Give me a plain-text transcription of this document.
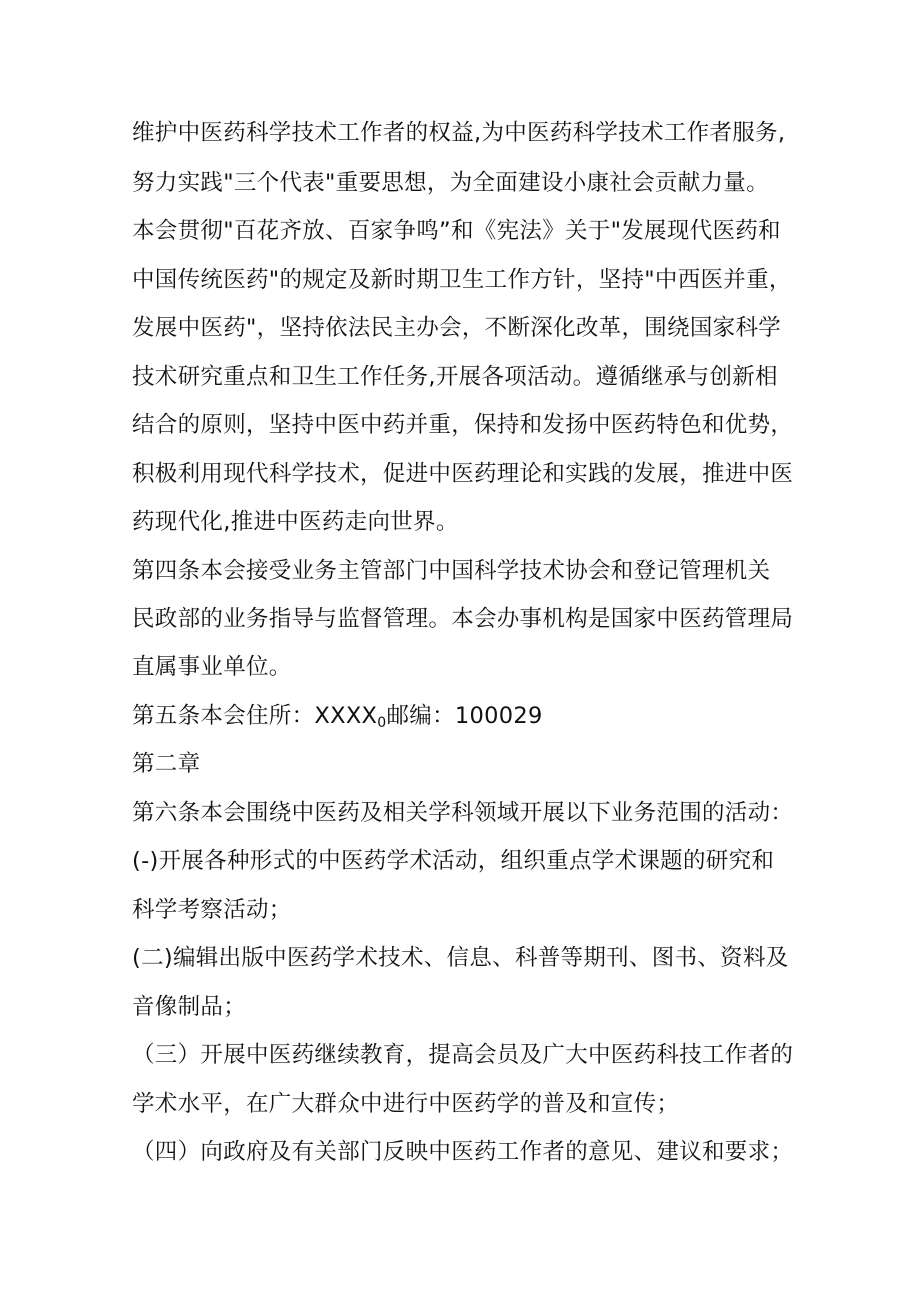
维护中医药科学技术工作者的权益,为中医药科学技术工作者服务,
努力实践"三个代表"重要思想，为全面建设小康社会贡献力量。
本会贯彻"百花齐放、百家争鸣”和《宪法》关于"发展现代医药和
中国传统医药"的规定及新时期卫生工作方针，坚持"中西医并重，
发展中医药"，坚持依法民主办会，不断深化改革，围绕国家科学
技术研究重点和卫生工作任务,开展各项活动。遵循继承与创新相
结合的原则，坚持中医中药并重，保持和发扬中医药特色和优势，
积极利用现代科学技术，促进中医药理论和实践的发展，推进中医
药现代化,推进中医药走向世界。
第四条本会接受业务主管部门中国科学技术协会和登记管理机关
民政部的业务指导与监督管理。本会办事机构是国家中医药管理局
直属事业单位。
第五条本会住所：$XXXX_0$邮编：100029
第二章
第六条本会围绕中医药及相关学科领域开展以下业务范围的活动：
(-)开展各种形式的中医药学术活动，组织重点学术课题的研究和
科学考察活动；
(二)编辑出版中医药学术技术、信息、科普等期刊、图书、资料及
音像制品；
（三）开展中医药继续教育，提高会员及广大中医药科技工作者的
学术水平，在广大群众中进行中医药学的普及和宣传；
（四）向政府及有关部门反映中医药工作者的意见、建议和要求；
